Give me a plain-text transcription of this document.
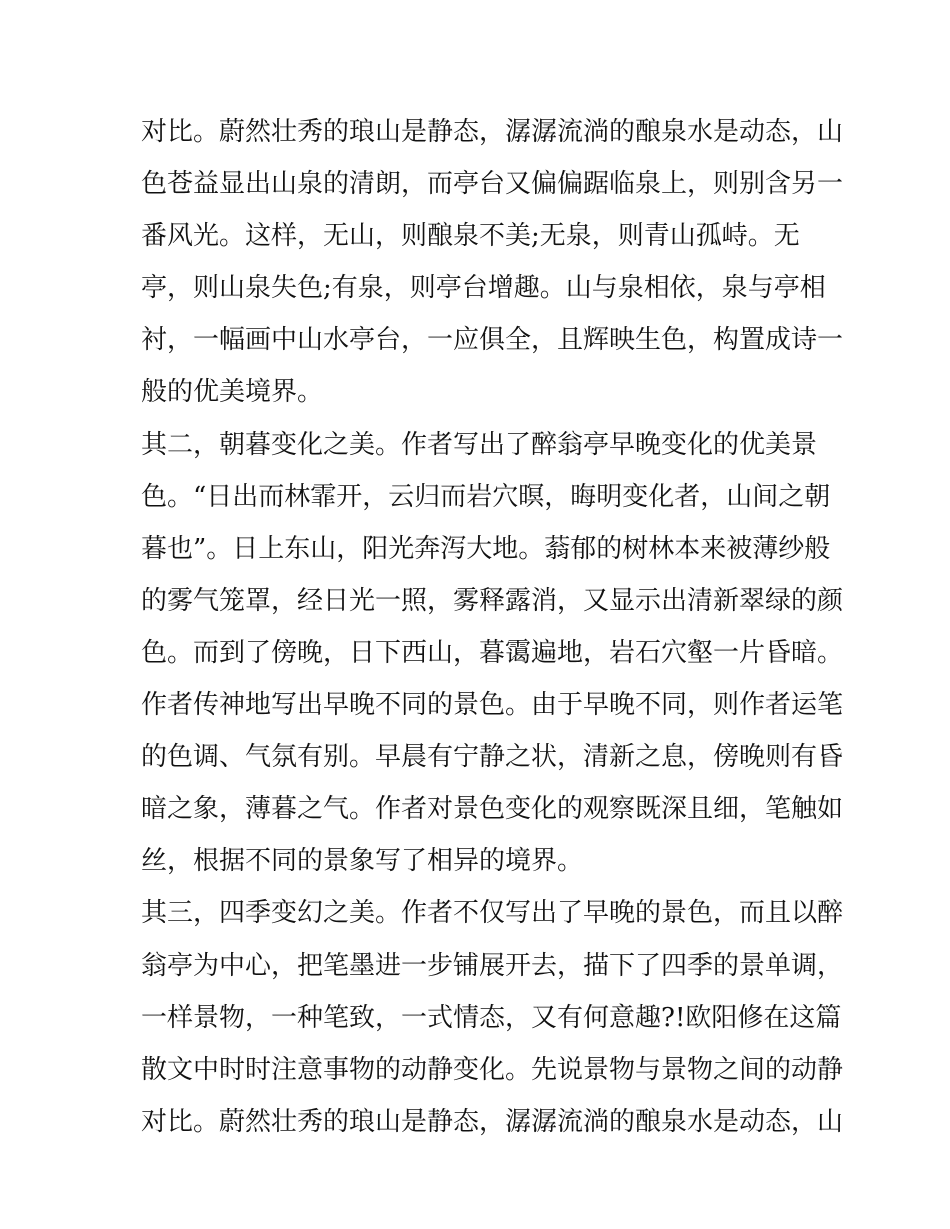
对比。蔚然壮秀的琅山是静态，潺潺流淌的酿泉水是动态，山
色苍益显出山泉的清朗，而亭台又偏偏踞临泉上，则别含另一
番风光。这样，无山，则酿泉不美;无泉，则青山孤峙。无
亭，则山泉失色;有泉，则亭台增趣。山与泉相依，泉与亭相
衬，一幅画中山水亭台，一应俱全，且辉映生色，构置成诗一
般的优美境界。
其二，朝暮变化之美。作者写出了醉翁亭早晚变化的优美景
色。“日出而林霏开，云归而岩穴暝，晦明变化者，山间之朝
暮也”。日上东山，阳光奔泻大地。蓊郁的树林本来被薄纱般
的雾气笼罩，经日光一照，雾释露消，又显示出清新翠绿的颜
色。而到了傍晚，日下西山，暮霭遍地，岩石穴壑一片昏暗。
作者传神地写出早晚不同的景色。由于早晚不同，则作者运笔
的色调、气氛有别。早晨有宁静之状，清新之息，傍晚则有昏
暗之象，薄暮之气。作者对景色变化的观察既深且细，笔触如
丝，根据不同的景象写了相异的境界。
其三，四季变幻之美。作者不仅写出了早晚的景色，而且以醉
翁亭为中心，把笔墨进一步铺展开去，描下了四季的景单调，
一样景物，一种笔致，一式情态，又有何意趣?!欧阳修在这篇
散文中时时注意事物的动静变化。先说景物与景物之间的动静
对比。蔚然壮秀的琅山是静态，潺潺流淌的酿泉水是动态，山
